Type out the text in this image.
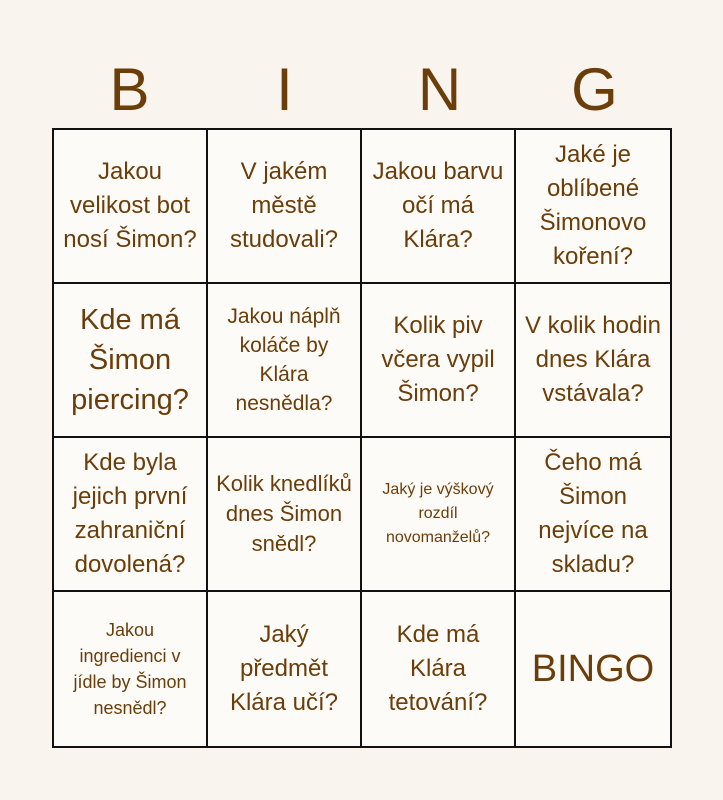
B	I	N	G
Jakou velikost bot nosí Šimon?
V jakém městě studovali?
Jakou barvu očí má Klára?
Jaké je oblíbené Šimonovo koření?
Kde má Šimon piercing?
Jakou náplň koláče by Klára nesnědla?
Kolik piv včera vypil Šimon?
V kolik hodin dnes Klára vstávala?
Kde byla jejich první zahraniční dovolená?
Kolik knedlíků dnes Šimon snědl?
Jaký je výškový rozdíl novomanželů?
Čeho má Šimon nejvíce na skladu?
Jakou ingredienci v jídle by Šimon nesnědl?
Jaký předmět Klára učí?
Kde má Klára tetování?
BINGO
